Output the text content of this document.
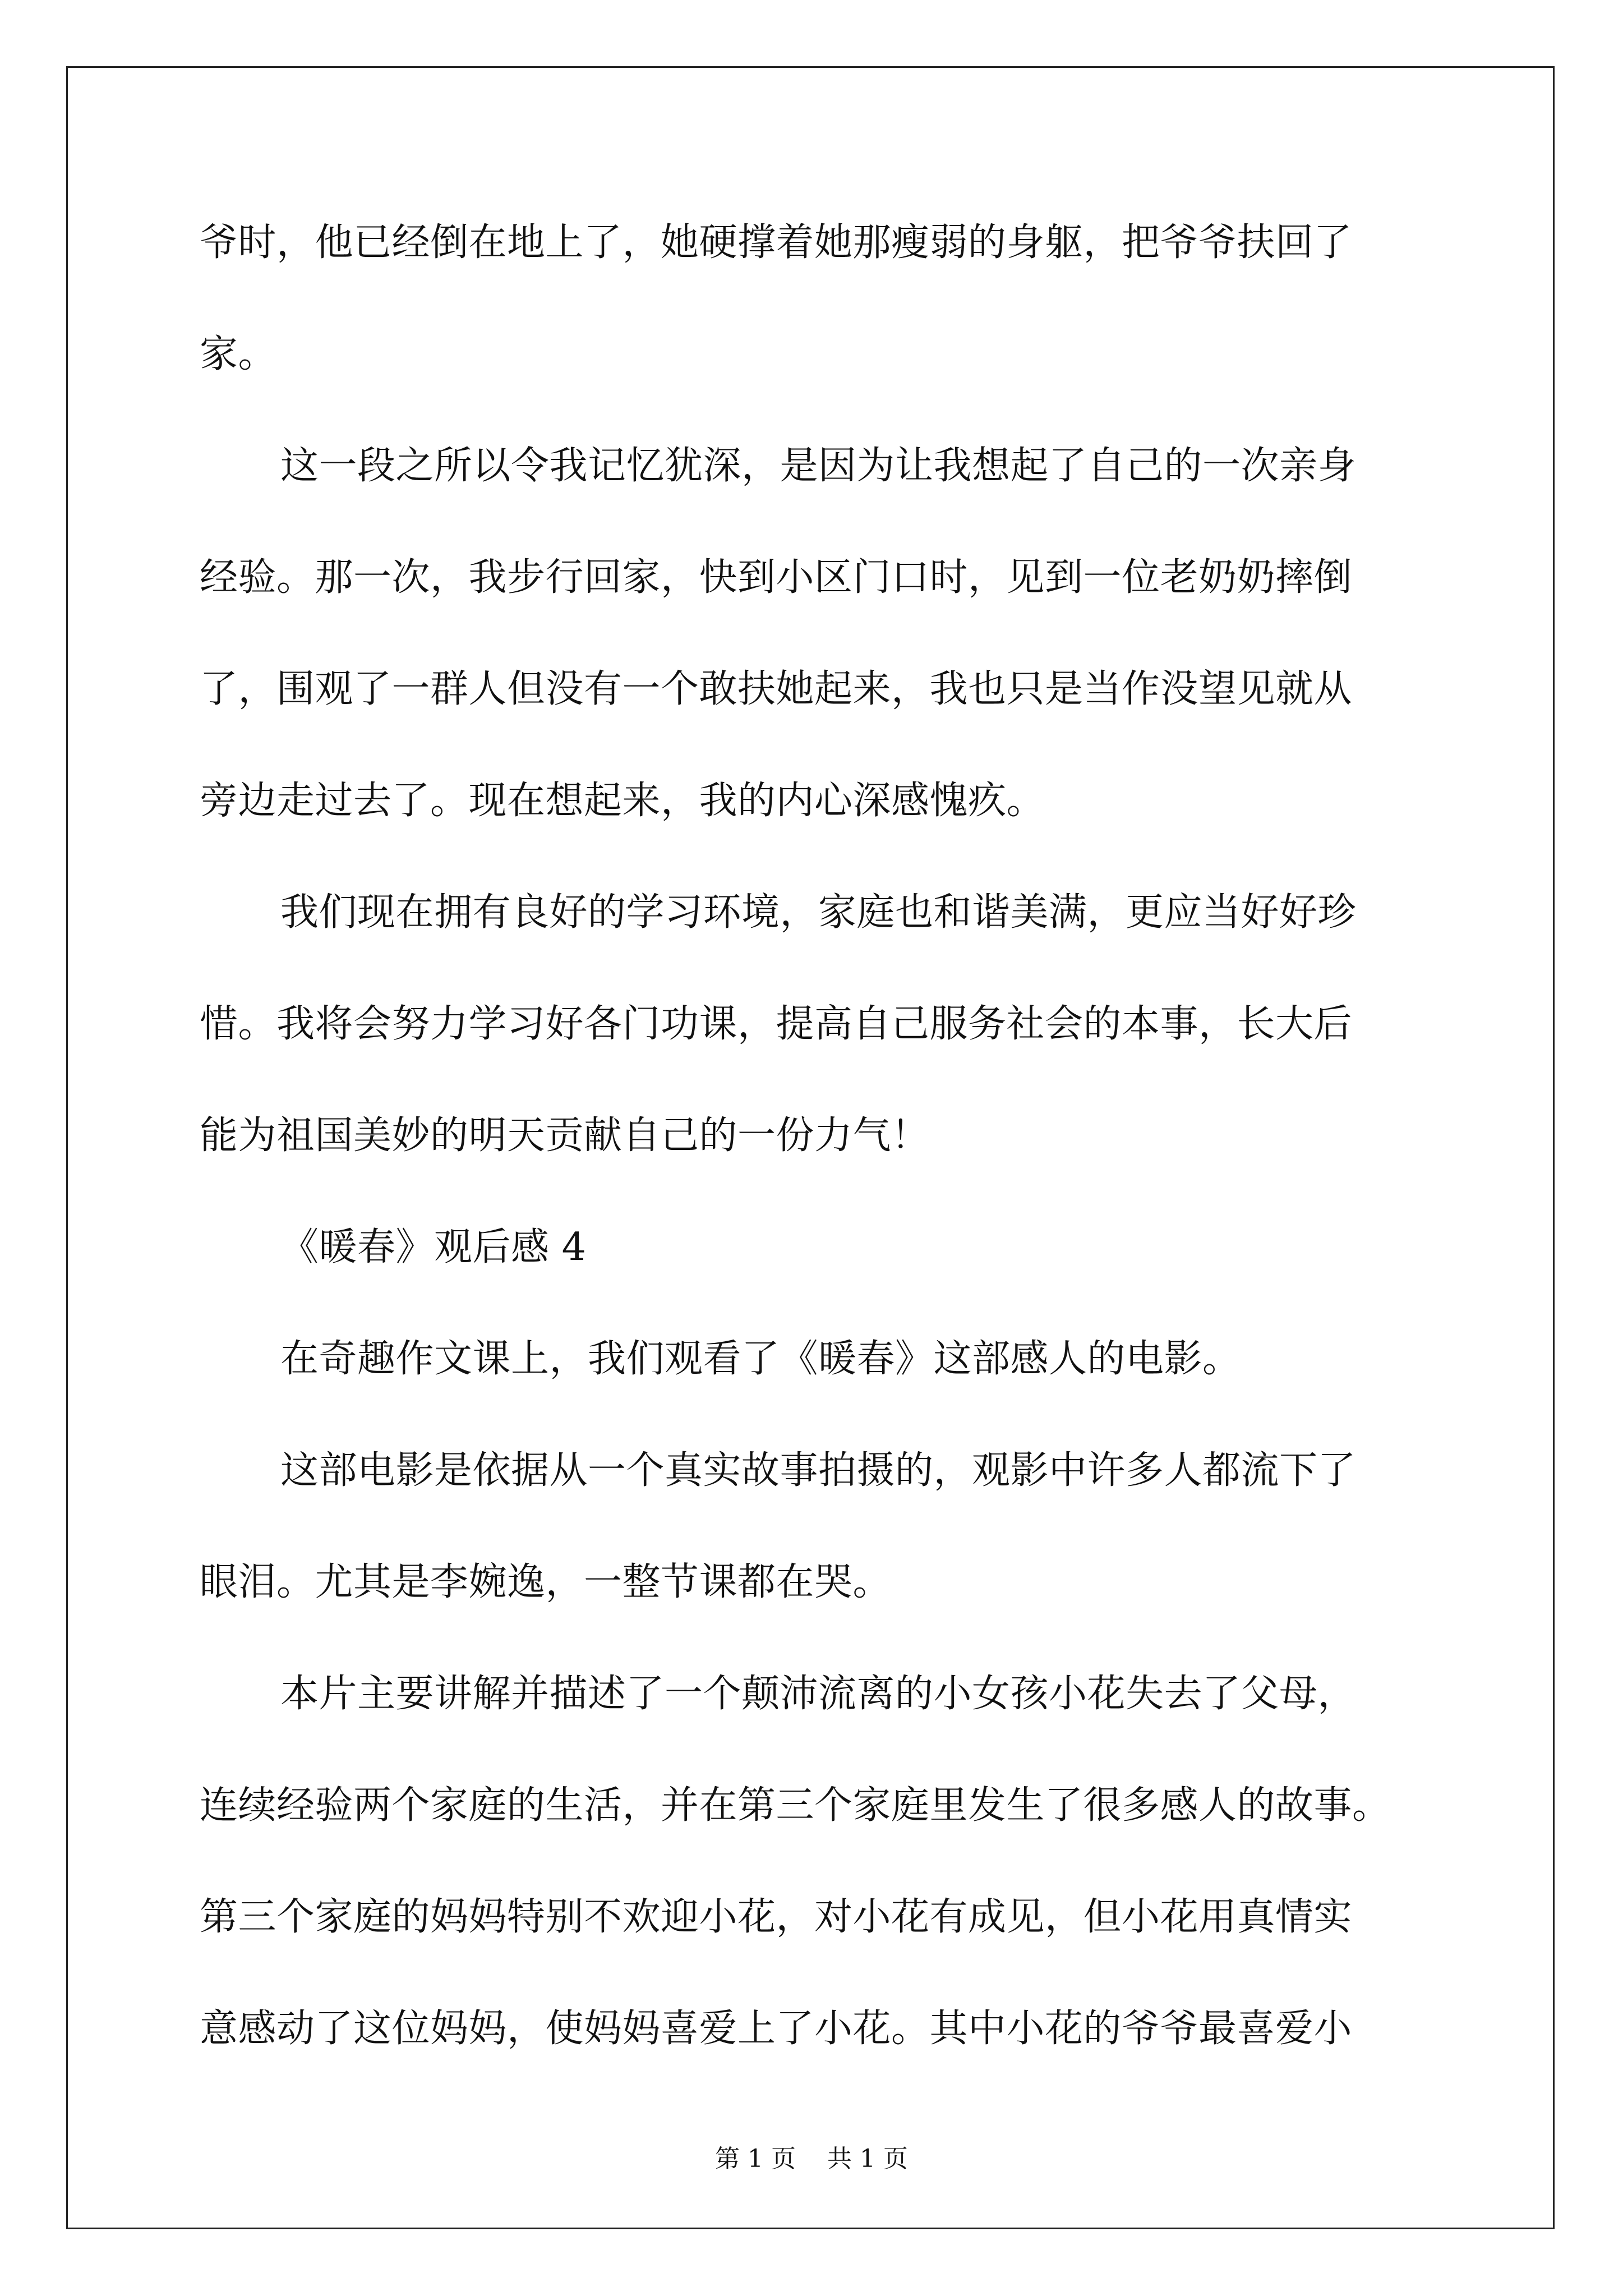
爷时，他已经倒在地上了，她硬撑着她那瘦弱的身躯，把爷爷扶回了
家。
这一段之所以令我记忆犹深，是因为让我想起了自己的一次亲身
经验。那一次，我步行回家，快到小区门口时，见到一位老奶奶摔倒
了，围观了一群人但没有一个敢扶她起来，我也只是当作没望见就从
旁边走过去了。现在想起来，我的内心深感愧疚。
我们现在拥有良好的学习环境，家庭也和谐美满，更应当好好珍
惜。我将会努力学习好各门功课，提高自己服务社会的本事，长大后
能为祖国美妙的明天贡献自己的一份力气！
《暖春》观后感 4
在奇趣作文课上，我们观看了《暖春》这部感人的电影。
这部电影是依据从一个真实故事拍摄的，观影中许多人都流下了
眼泪。尤其是李婉逸，一整节课都在哭。
本片主要讲解并描述了一个颠沛流离的小女孩小花失去了父母，
连续经验两个家庭的生活，并在第三个家庭里发生了很多感人的故事。
第三个家庭的妈妈特别不欢迎小花，对小花有成见，但小花用真情实
意感动了这位妈妈，使妈妈喜爱上了小花。其中小花的爷爷最喜爱小
第 1 页    共 1 页
